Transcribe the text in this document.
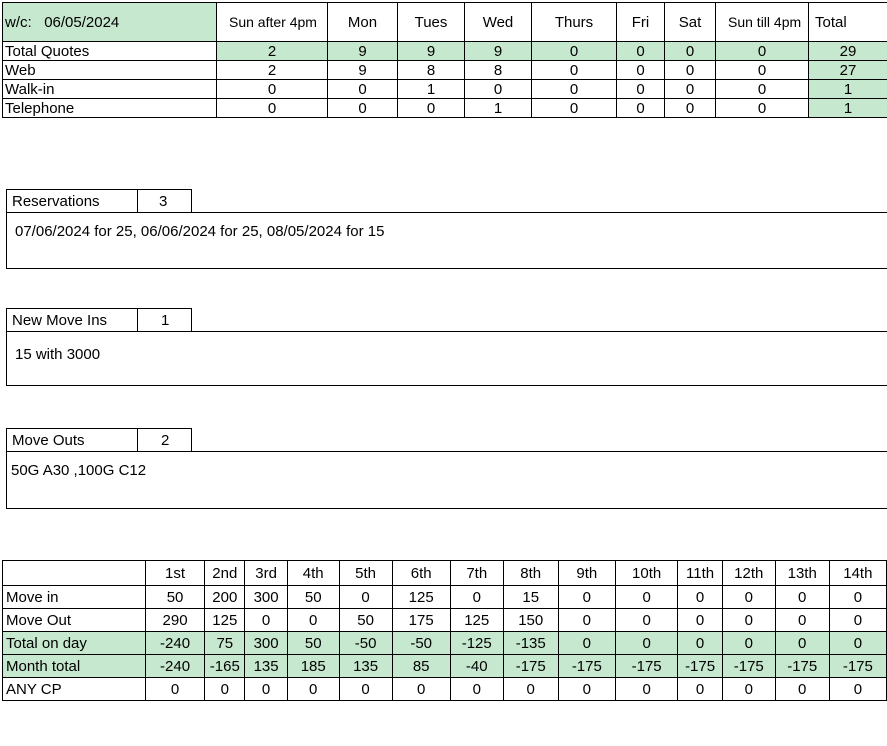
w/c: 06/05/2024	Sun after 4pm	Mon	Tues	Wed	Thurs	Fri	Sat	Sun till 4pm	Total
Total Quotes	2	9	9	9	0	0	0	0	29
Web	2	9	8	8	0	0	0	0	27
Walk-in	0	0	1	0	0	0	0	0	1
Telephone	0	0	0	1	0	0	0	0	1
Reservations	3
07/06/2024 for 25, 06/06/2024 for 25, 08/05/2024 for 15
New Move Ins	1
15 with 3000
Move Outs	2
50G A30 ,100G C12
	1st	2nd	3rd	4th	5th	6th	7th	8th	9th	10th	11th	12th	13th	14th
Move in	50	200	300	50	0	125	0	15	0	0	0	0	0	0
Move Out	290	125	0	0	50	175	125	150	0	0	0	0	0	0
Total on day	-240	75	300	50	-50	-50	-125	-135	0	0	0	0	0	0
Month total	-240	-165	135	185	135	85	-40	-175	-175	-175	-175	-175	-175	-175
ANY CP	0	0	0	0	0	0	0	0	0	0	0	0	0	0
